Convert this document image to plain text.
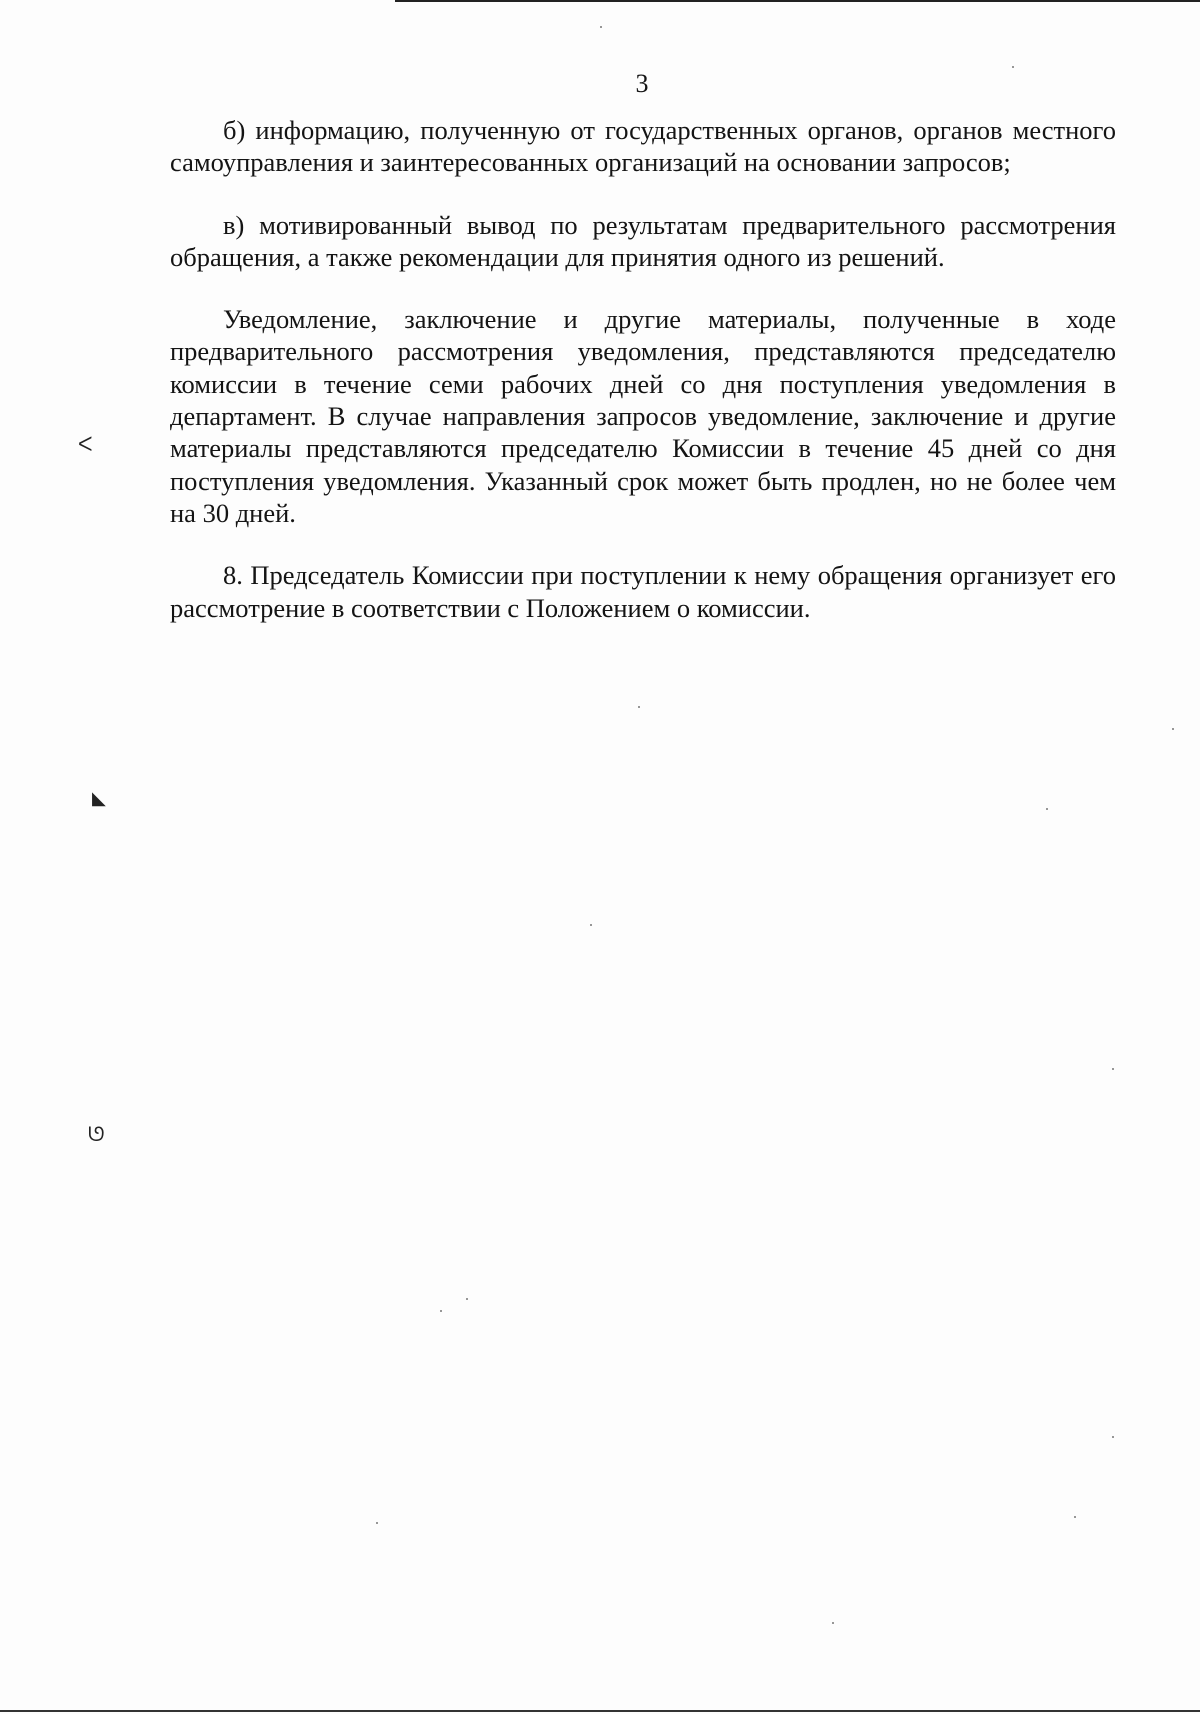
3

б) информацию, полученную от государственных органов, органов местного самоуправления и заинтересованных организаций на основании запросов;

в) мотивированный вывод по результатам предварительного рассмотрения обращения, а также рекомендации для принятия одного из решений.

Уведомление, заключение и другие материалы, полученные в ходе предварительного рассмотрения уведомления, представляются председателю комиссии в течение семи рабочих дней со дня поступления уведомления в департамент. В случае направления запросов уведомление, заключение и другие материалы представляются председателю Комиссии в течение 45 дней со дня поступления уведомления. Указанный срок может быть продлен, но не более чем на 30 дней.

8. Председатель Комиссии при поступлении к нему обращения организует его рассмотрение в соответствии с Положением о комиссии.

ᐸ
◣
ᘎ
